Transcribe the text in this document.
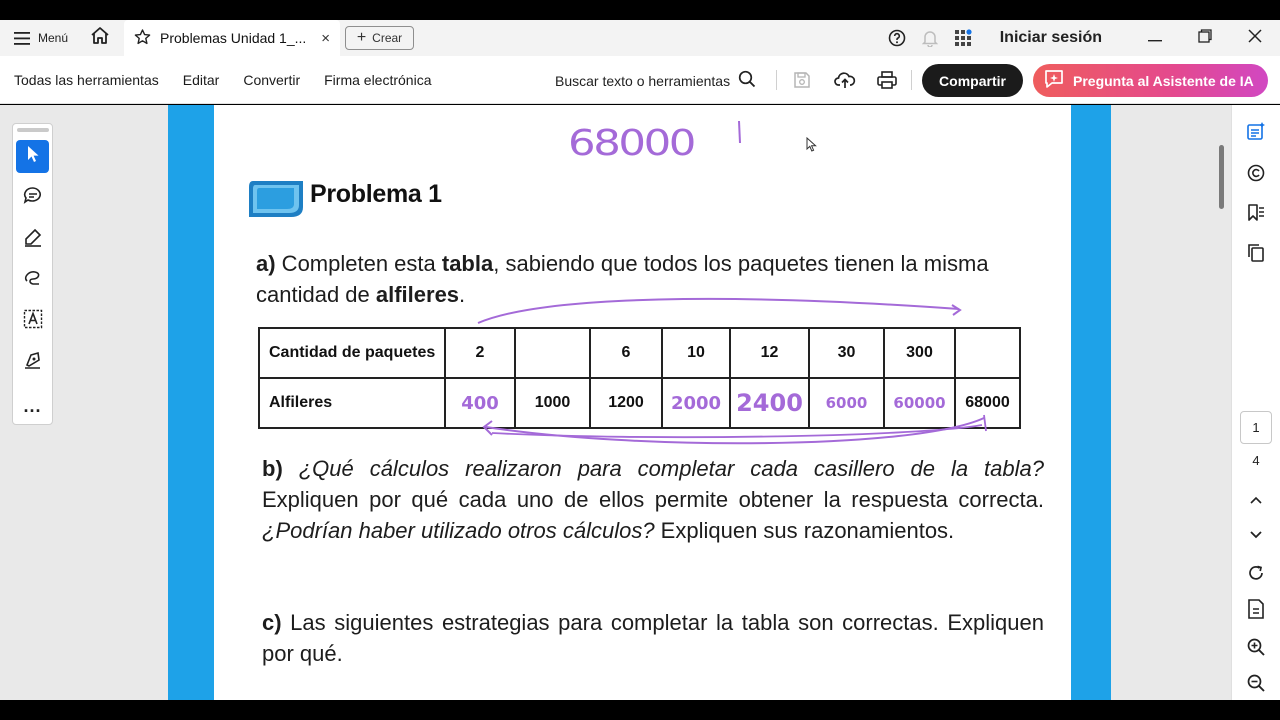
Menú	Problemas Unidad 1_... × + Crear	Iniciar sesión
Todas las herramientas Editar Convertir Firma electrónica	Buscar texto o herramientas	Compartir	Pregunta al Asistente de IA
...
68000
Problema 1
a) Completen esta tabla, sabiendo que todos los paquetes tienen la misma cantidad de alfileres.
Cantidad de paquetes	2		6	10	12	30	300	
Alfileres	400	1000	1200	2000	2400	6000	60000	68000
b) ¿Qué cálculos realizaron para completar cada casillero de la tabla? Expliquen por qué cada uno de ellos permite obtener la respuesta correcta. ¿Podrían haber utilizado otros cálculos? Expliquen sus razonamientos.
c) Las siguientes estrategias para completar la tabla son correctas. Expliquen por qué.
1
4
